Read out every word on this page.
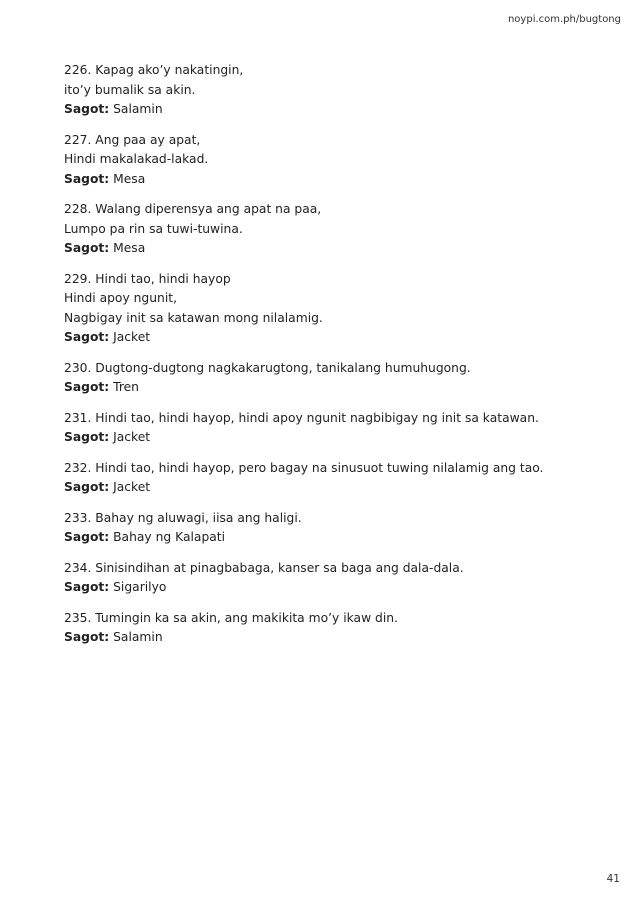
noypi.com.ph/bugtong
226. Kapag ako’y nakatingin,
ito’y bumalik sa akin.
Sagot: Salamin
227. Ang paa ay apat,
Hindi makalakad-lakad.
Sagot: Mesa
228. Walang diperensya ang apat na paa,
Lumpo pa rin sa tuwi-tuwina.
Sagot: Mesa
229. Hindi tao, hindi hayop
Hindi apoy ngunit,
Nagbigay init sa katawan mong nilalamig.
Sagot: Jacket
230. Dugtong-dugtong nagkakarugtong, tanikalang humuhugong.
Sagot: Tren
231. Hindi tao, hindi hayop, hindi apoy ngunit nagbibigay ng init sa katawan.
Sagot: Jacket
232. Hindi tao, hindi hayop, pero bagay na sinusuot tuwing nilalamig ang tao.
Sagot: Jacket
233. Bahay ng aluwagi, iisa ang haligi.
Sagot: Bahay ng Kalapati
234. Sinisindihan at pinagbabaga, kanser sa baga ang dala-dala.
Sagot: Sigarilyo
235. Tumingin ka sa akin, ang makikita mo’y ikaw din.
Sagot: Salamin
41
